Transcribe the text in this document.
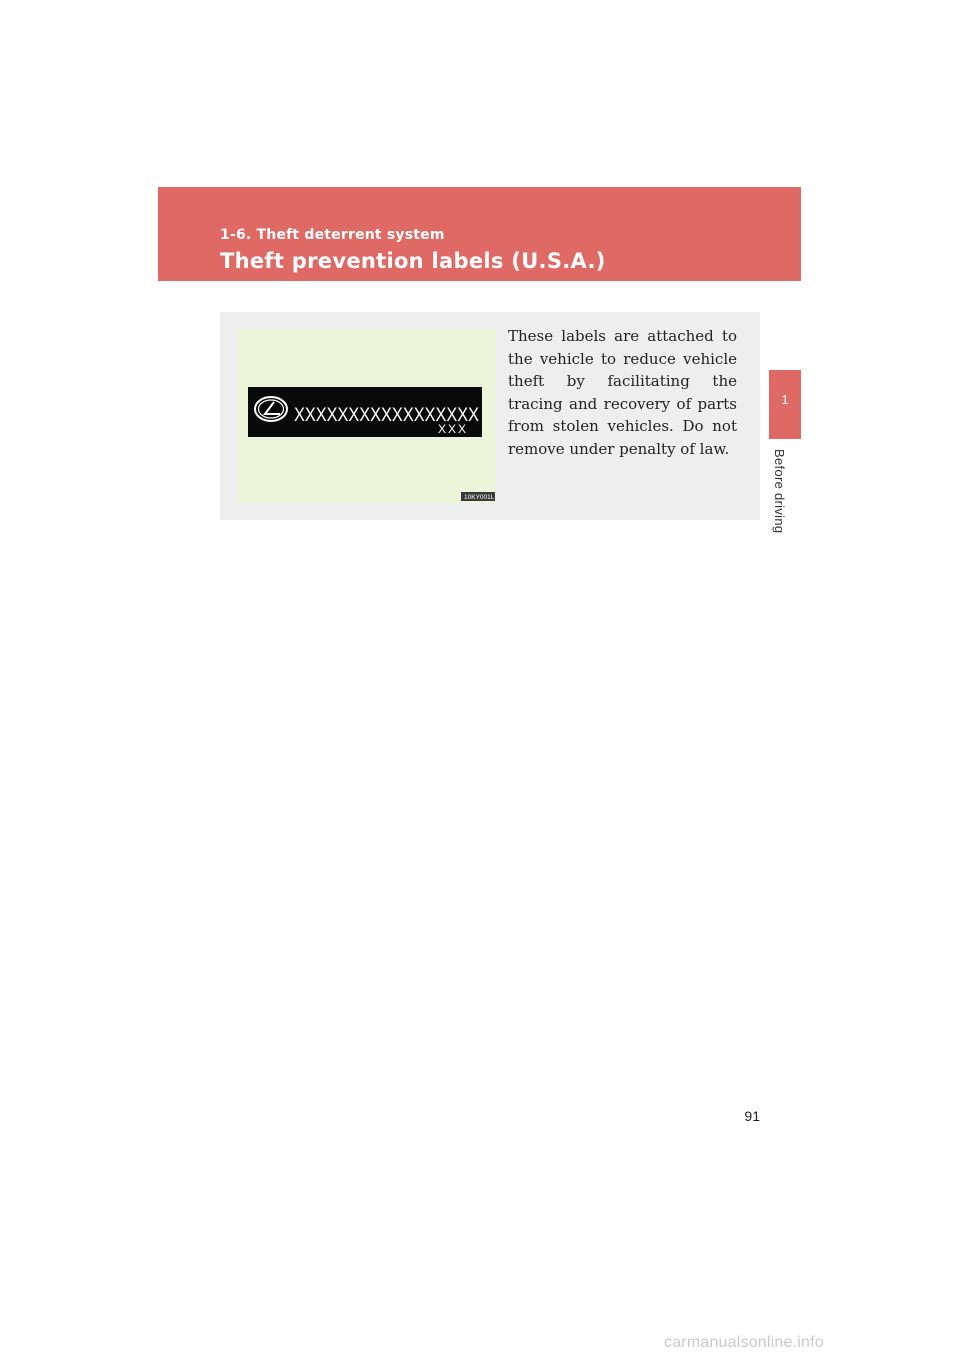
1-6. Theft deterrent system
Theft prevention labels (U.S.A.)
1
Before driving
XXXXXXXXXXXXXXXXX
XXX
10KY001L

These labels are attached to the vehicle to reduce vehicle theft by facilitating the tracing and recovery of parts from stolen vehicles. Do not remove under penalty of law.

91
carmanualsonline.info
